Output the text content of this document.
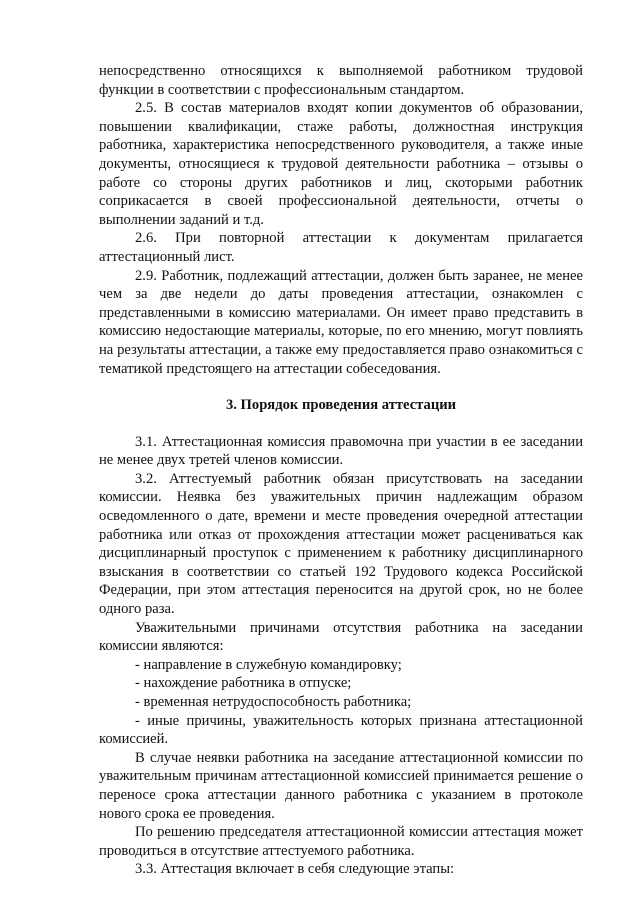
непосредственно относящихся к выполняемой работником трудовой функции в соответствии с профессиональным стандартом.

2.5. В состав материалов входят копии документов об образовании, повышении квалификации, стаже работы, должностная инструкция работника, характеристика непосредственного руководителя, а также иные документы, относящиеся к трудовой деятельности работника – отзывы о работе со стороны других работников и лиц, скоторыми работник соприкасается в своей профессиональной деятельности, отчеты о выполнении заданий и т.д.

2.6. При повторной аттестации к документам прилагается аттестационный лист.

2.9. Работник, подлежащий аттестации, должен быть заранее, не менее чем за две недели до даты проведения аттестации, ознакомлен с представленными в комиссию материалами. Он имеет право представить в комиссию недостающие материалы, которые, по его мнению, могут повлиять на результаты аттестации, а также ему предоставляется право ознакомиться с тематикой предстоящего на аттестации собеседования.

3. Порядок проведения аттестации

3.1. Аттестационная комиссия правомочна при участии в ее заседании не менее двух третей членов комиссии.

3.2. Аттестуемый работник обязан присутствовать на заседании комиссии. Неявка без уважительных причин надлежащим образом осведомленного о дате, времени и месте проведения очередной аттестации работника или отказ от прохождения аттестации может расцениваться как дисциплинарный проступок с применением к работнику дисциплинарного взыскания в соответствии со статьей 192 Трудового кодекса Российской Федерации, при этом аттестация переносится на другой срок, но не более одного раза.

Уважительными причинами отсутствия работника на заседании комиссии являются:

- направление в служебную командировку;

- нахождение работника в отпуске;

- временная нетрудоспособность работника;

- иные причины, уважительность которых признана аттестационной комиссией.

В случае неявки работника на заседание аттестационной комиссии по уважительным причинам аттестационной комиссией принимается решение о переносе срока аттестации данного работника с указанием в протоколе нового срока ее проведения.

По решению председателя аттестационной комиссии аттестация может проводиться в отсутствие аттестуемого работника.

3.3. Аттестация включает в себя следующие этапы:
